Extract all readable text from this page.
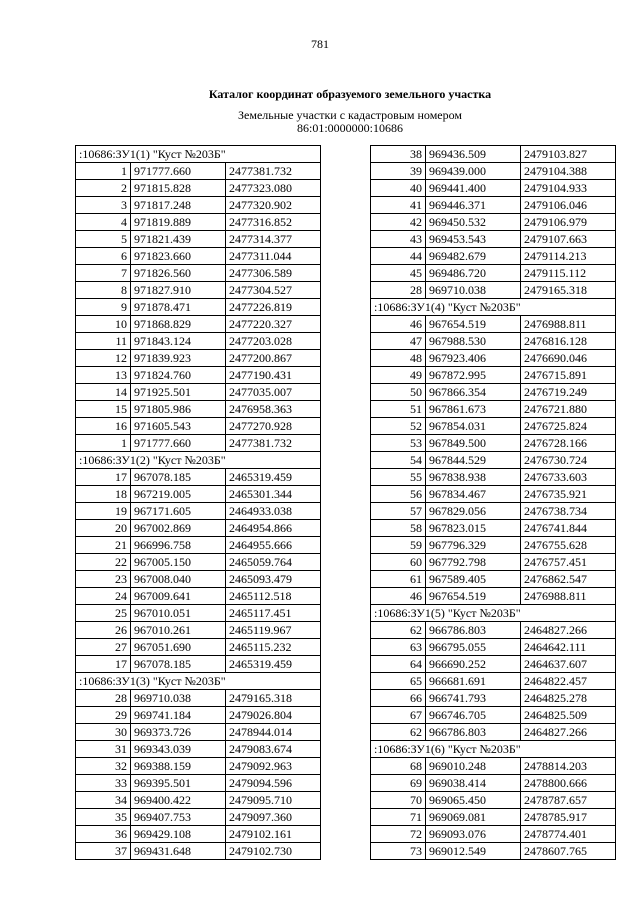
781
Каталог координат образуемого земельного участка
Земельные участки с кадастровым номером
86:01:0000000:10686
:10686:ЗУ1(1) "Куст №203Б"		
1	971777.660	2477381.732
2	971815.828	2477323.080
3	971817.248	2477320.902
4	971819.889	2477316.852
5	971821.439	2477314.377
6	971823.660	2477311.044
7	971826.560	2477306.589
8	971827.910	2477304.527
9	971878.471	2477226.819
10	971868.829	2477220.327
11	971843.124	2477203.028
12	971839.923	2477200.867
13	971824.760	2477190.431
14	971925.501	2477035.007
15	971805.986	2476958.363
16	971605.543	2477270.928
1	971777.660	2477381.732
:10686:ЗУ1(2) "Куст №203Б"		
17	967078.185	2465319.459
18	967219.005	2465301.344
19	967171.605	2464933.038
20	967002.869	2464954.866
21	966996.758	2464955.666
22	967005.150	2465059.764
23	967008.040	2465093.479
24	967009.641	2465112.518
25	967010.051	2465117.451
26	967010.261	2465119.967
27	967051.690	2465115.232
17	967078.185	2465319.459
:10686:ЗУ1(3) "Куст №203Б"		
28	969710.038	2479165.318
29	969741.184	2479026.804
30	969373.726	2478944.014
31	969343.039	2479083.674
32	969388.159	2479092.963
33	969395.501	2479094.596
34	969400.422	2479095.710
35	969407.753	2479097.360
36	969429.108	2479102.161
37	969431.648	2479102.730
38	969436.509	2479103.827
39	969439.000	2479104.388
40	969441.400	2479104.933
41	969446.371	2479106.046
42	969450.532	2479106.979
43	969453.543	2479107.663
44	969482.679	2479114.213
45	969486.720	2479115.112
28	969710.038	2479165.318
:10686:ЗУ1(4) "Куст №203Б"		
46	967654.519	2476988.811
47	967988.530	2476816.128
48	967923.406	2476690.046
49	967872.995	2476715.891
50	967866.354	2476719.249
51	967861.673	2476721.880
52	967854.031	2476725.824
53	967849.500	2476728.166
54	967844.529	2476730.724
55	967838.938	2476733.603
56	967834.467	2476735.921
57	967829.056	2476738.734
58	967823.015	2476741.844
59	967796.329	2476755.628
60	967792.798	2476757.451
61	967589.405	2476862.547
46	967654.519	2476988.811
:10686:ЗУ1(5) "Куст №203Б"		
62	966786.803	2464827.266
63	966795.055	2464642.111
64	966690.252	2464637.607
65	966681.691	2464822.457
66	966741.793	2464825.278
67	966746.705	2464825.509
62	966786.803	2464827.266
:10686:ЗУ1(6) "Куст №203Б"		
68	969010.248	2478814.203
69	969038.414	2478800.666
70	969065.450	2478787.657
71	969069.081	2478785.917
72	969093.076	2478774.401
73	969012.549	2478607.765
